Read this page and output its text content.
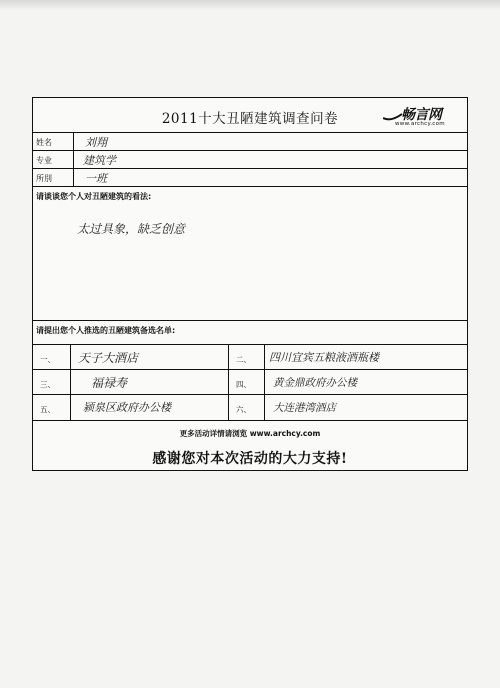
2011十大丑陋建筑调查问卷	畅言网
www.archcy.com
姓名	刘翔
专业	建筑学
所別	一班
请谈谈您个人对丑陋建筑的看法:
太过具象，缺乏创意
请提出您个人推选的丑陋建筑备选名单:
一、 天子大酒店	二、 四川宜宾五粮液酒瓶楼
三、	福禄寿	四、 黄金鼎政府办公楼
五、	颍泉区政府办公楼	六、 大连港湾酒店
更多活动详情请浏览 www.archcy.com
感谢您对本次活动的大力支持!
